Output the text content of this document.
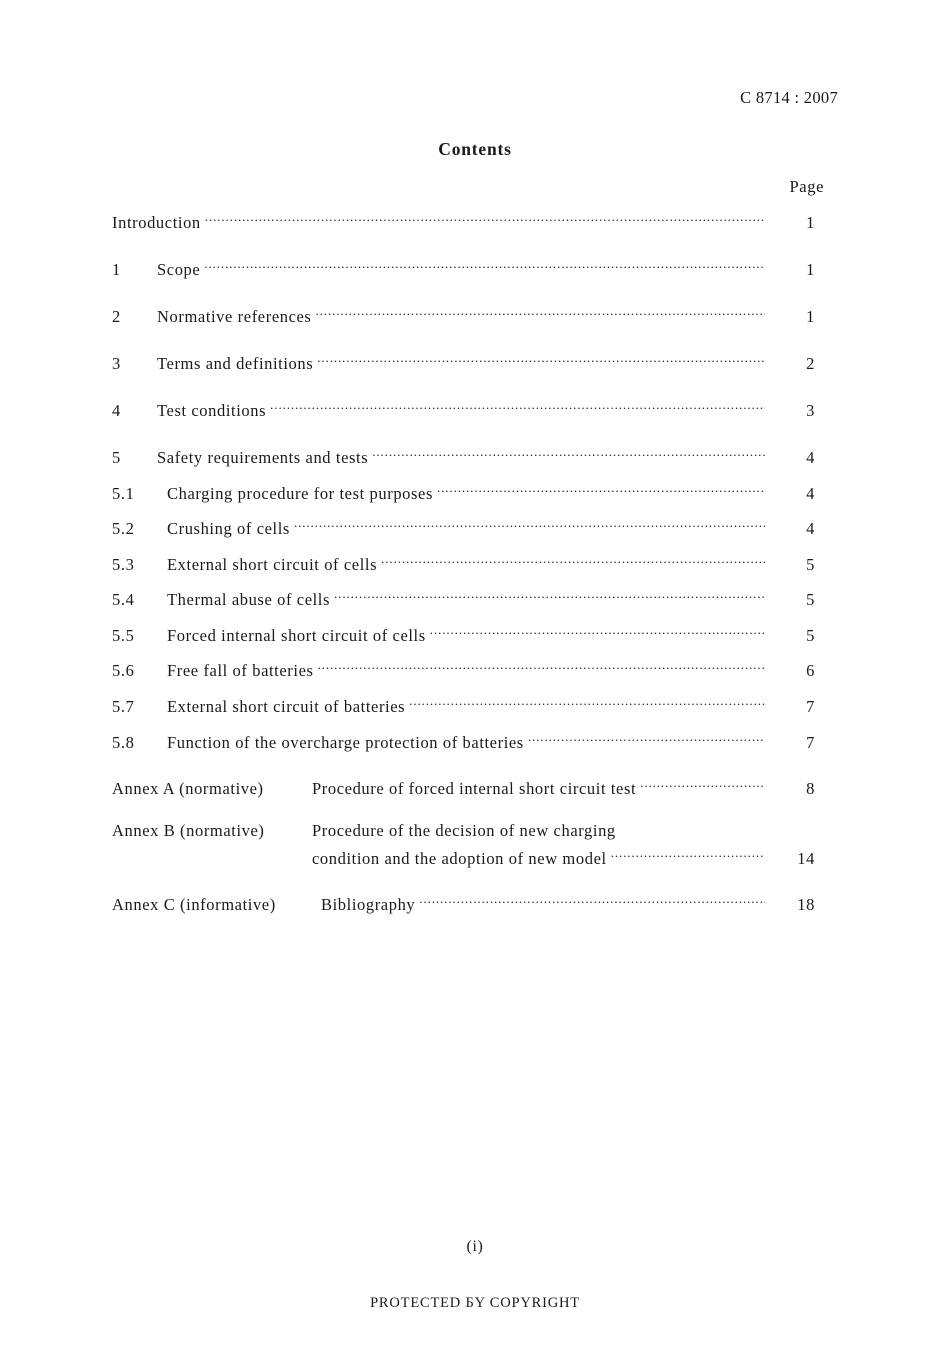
C 8714 : 2007
Contents
Page
Introduction .....	1
1	Scope .....	1
2	Normative references .....	1
3	Terms and definitions .....	2
4	Test conditions .....	3
5	Safety requirements and tests .....	4
5.1	Charging procedure for test purposes .....	4
5.2	Crushing of cells .....	4
5.3	External short circuit of cells .....	5
5.4	Thermal abuse of cells .....	5
5.5	Forced internal short circuit of cells .....	5
5.6	Free fall of batteries .....	6
5.7	External short circuit of batteries .....	7
5.8	Function of the overcharge protection of batteries .....	7
Annex A (normative)	Procedure of forced internal short circuit test .....	8
Annex B (normative)	Procedure of the decision of new charging
condition and the adoption of new model .....	14
Annex C (informative)	Bibliography .....	18
(i)
PROTECTED БY COPYRIGHT
